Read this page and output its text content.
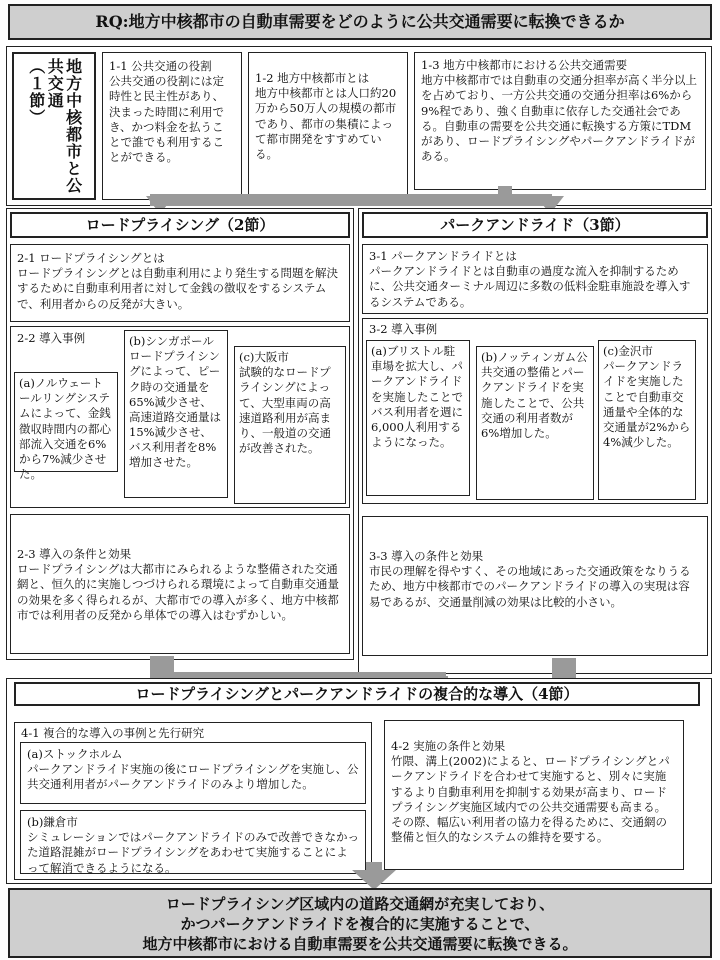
RQ:地方中核都市の自動車需要をどのように公共交通需要に転換できるか
地方中核都市と公共交通
（１節）	1-1 公共交通の役割
公共交通の役割には定時性と民主性があり、決まった時間に利用でき、かつ料金を払うことで誰でも利用することができる。

1-2 地方中核都市とは
地方中核都市とは人口約20万から50万人の規模の都市であり、都市の集積によって都市開発をすすめている。

1-3 地方中核都市における公共交通需要
地方中核都市では自動車の交通分担率が高く半分以上を占めており、一方公共交通の交通分担率は6%から9%程であり、強く自動車に依存した交通社会である。自動車の需要を公共交通に転換する方策にTDMがあり、ロードプライシングやパークアンドライドがある。

ロードプライシング（2節）

2-1 ロードプライシングとは
ロードプライシングとは自動車利用により発生する問題を解決するために自動車利用者に対して金銭の徴収をするシステムで、利用者からの反発が大きい。

2-2 導入事例

(a)ノルウェートールリングシステムによって、金銭徴収時間内の都心部流入交通を6%から7%減少させた。

(b)シンガポールロードプライシングによって、ピーク時の交通量を65%減少させ、高速道路交通量は15%減少させ、バス利用者を8%増加させた。

(c)大阪市
試験的なロードプライシングによって、大型車両の高速道路利用が高まり、一般道の交通が改善された。

2-3 導入の条件と効果
ロードプライシングは大都市にみられるような整備された交通網と、恒久的に実施しつづけられる環境によって自動車交通量の効果を多く得られるが、大都市での導入が多く、地方中核都市では利用者の反発から単体での導入はむずかしい。

パークアンドライド（3節）

3-1 パークアンドライドとは
パークアンドライドとは自動車の過度な流入を抑制するために、公共交通ターミナル周辺に多数の低料金駐車施設を導入するシステムである。

3-2 導入事例

(a)ブリストル駐車場を拡大し、パークアンドライドを実施したことでバス利用者を週に6,000人利用するようになった。

(b)ノッティンガム公共交通の整備とパークアンドライドを実施したことで、公共交通の利用者数が6%増加した。

(c)金沢市
パークアンドライドを実施したことで自動車交通量や全体的な交通量が2%から4%減少した。

3-3 導入の条件と効果
市民の理解を得やすく、その地域にあった交通政策をなりうるため、地方中核都市でのパークアンドライドの導入の実現は容易であるが、交通量削減の効果は比較的小さい。

ロードプライシングとパークアンドライドの複合的な導入（4節）

4-1 複合的な導入の事例と先行研究

(a)ストックホルム
パークアンドライド実施の後にロードプライシングを実施し、公共交通利用者がパークアンドライドのみより増加した。

(b)鎌倉市
シミュレーションではパークアンドライドのみで改善できなかった道路混雑がロードプライシングをあわせて実施することによって解消できるようになる。

4-2 実施の条件と効果
竹隈、溝上(2002)によると、ロードプライシングとパークアンドライドを合わせて実施すると、別々に実施するより自動車利用を抑制する効果が高まり、ロードプライシング実施区域内での公共交通需要も高まる。その際、幅広い利用者の協力を得るために、交通網の整備と恒久的なシステムの維持を要する。

ロードプライシング区域内の道路交通網が充実しており、
かつパークアンドライドを複合的に実施することで、
地方中核都市における自動車需要を公共交通需要に転換できる。
